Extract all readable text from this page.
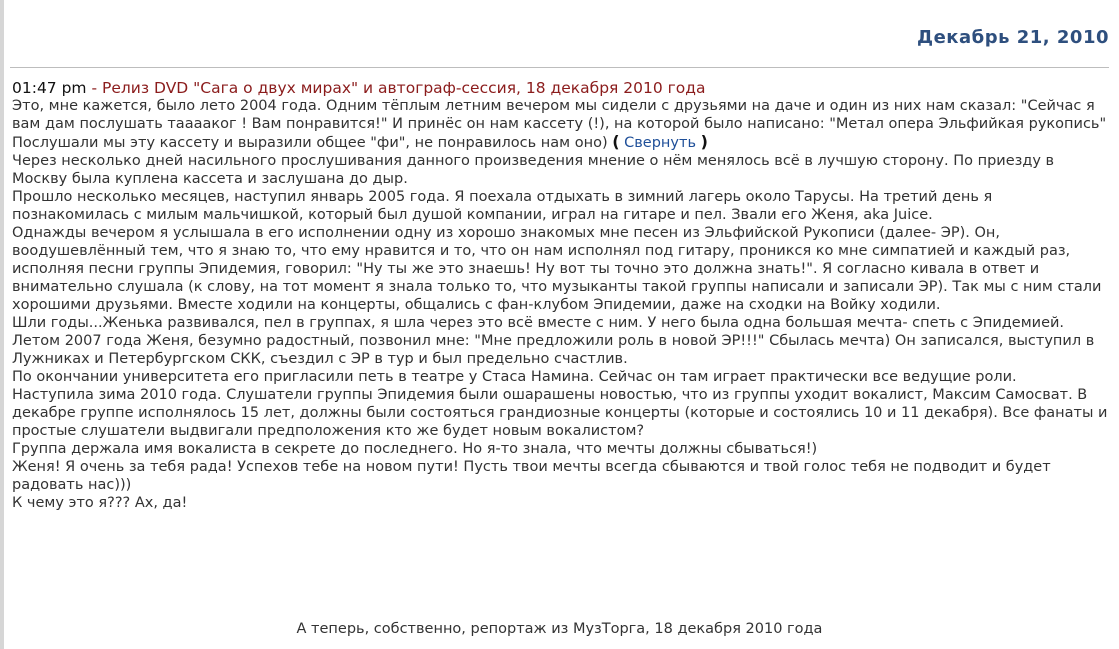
Декабрь 21, 2010
01:47 pm - Релиз DVD "Сага о двух мирах" и автограф-сессия, 18 декабря 2010 года

Это, мне кажется, было лето 2004 года. Одним тёплым летним вечером мы сидели с друзьями на даче и один из них нам сказал: "Сейчас я вам дам послушать тааааког ! Вам понравится!" И принёс он нам кассету (!), на которой было написано: "Метал опера Эльфийкая рукопись" Послушали мы эту кассету и выразили общее "фи", не понравилось нам оно) ( Свернуть )

Через несколько дней насильного прослушивания данного произведения мнение о нём менялось всё в лучшую сторону. По приезду в Москву была куплена кассета и заслушана до дыр.

Прошло несколько месяцев, наступил январь 2005 года. Я поехала отдыхать в зимний лагерь около Тарусы. На третий день я познакомилась с милым мальчишкой, который был душой компании, играл на гитаре и пел. Звали его Женя, aka Juice.

Однажды вечером я услышала в его исполнении одну из хорошо знакомых мне песен из Эльфийской Рукописи (далее- ЭР). Он, воодушевлённый тем, что я знаю то, что ему нравится и то, что он нам исполнял под гитару, проникся ко мне симпатией и каждый раз, исполняя песни группы Эпидемия, говорил: "Ну ты же это знаешь! Ну вот ты точно это должна знать!". Я согласно кивала в ответ и внимательно слушала (к слову, на тот момент я знала только то, что музыканты такой группы написали и записали ЭР). Так мы с ним стали хорошими друзьями. Вместе ходили на концерты, общались с фан-клубом Эпидемии, даже на сходки на Войку ходили.

Шли годы...Женька развивался, пел в группах, я шла через это всё вместе с ним. У него была одна большая мечта- спеть с Эпидемией.

Летом 2007 года Женя, безумно радостный, позвонил мне: "Мне предложили роль в новой ЭР!!!" Сбылась мечта) Он записался, выступил в Лужниках и Петербургском СКК, съездил с ЭР в тур и был предельно счастлив.

По окончании университета его пригласили петь в театре у Стаса Намина. Сейчас он там играет практически все ведущие роли.

Наступила зима 2010 года. Слушатели группы Эпидемия были ошарашены новостью, что из группы уходит вокалист, Максим Самосват. В декабре группе исполнялось 15 лет, должны были состояться грандиозные концерты (которые и состоялись 10 и 11 декабря). Все фанаты и простые слушатели выдвигали предположения кто же будет новым вокалистом?

Группа держала имя вокалиста в секрете до последнего. Но я-то знала, что мечты должны сбываться!)

Женя! Я очень за тебя рада! Успехов тебе на новом пути! Пусть твои мечты всегда сбываются и твой голос тебя не подводит и будет радовать нас)))

К чему это я??? Ах, да!

А теперь, собственно, репортаж из МузТорга, 18 декабря 2010 года
